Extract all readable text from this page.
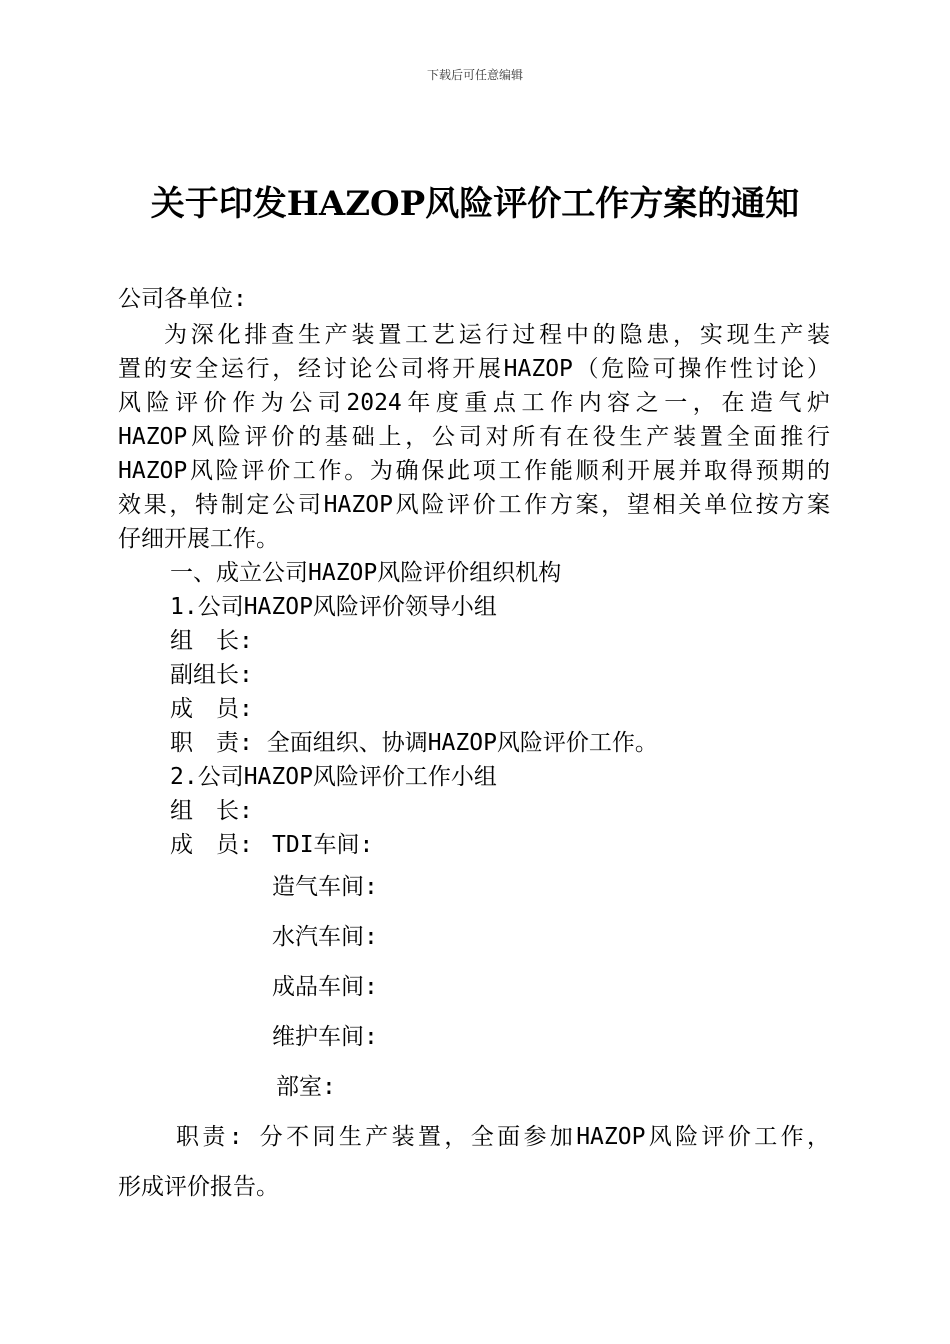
下载后可任意编辑
关于印发HAZOP风险评价工作方案的通知
公司各单位:
为深化排查生产装置工艺运行过程中的隐患，实现生产装
置的安全运行，经讨论公司将开展HAZOP（危险可操作性讨论）
风险评价作为公司2024年度重点工作内容之一，在造气炉
HAZOP风险评价的基础上，公司对所有在役生产装置全面推行
HAZOP风险评价工作。为确保此项工作能顺利开展并取得预期的
效果，特制定公司HAZOP风险评价工作方案，望相关单位按方案
仔细开展工作。
一、成立公司HAZOP风险评价组织机构
1.公司HAZOP风险评价领导小组
组　长:
副组长:
成　员:
职　责: 全面组织、协调HAZOP风险评价工作。
2.公司HAZOP风险评价工作小组
组　长:
成　员: TDI车间:
造气车间:
水汽车间:
成品车间:
维护车间:
部室:
职责: 分不同生产装置，全面参加HAZOP风险评价工作，
形成评价报告。
